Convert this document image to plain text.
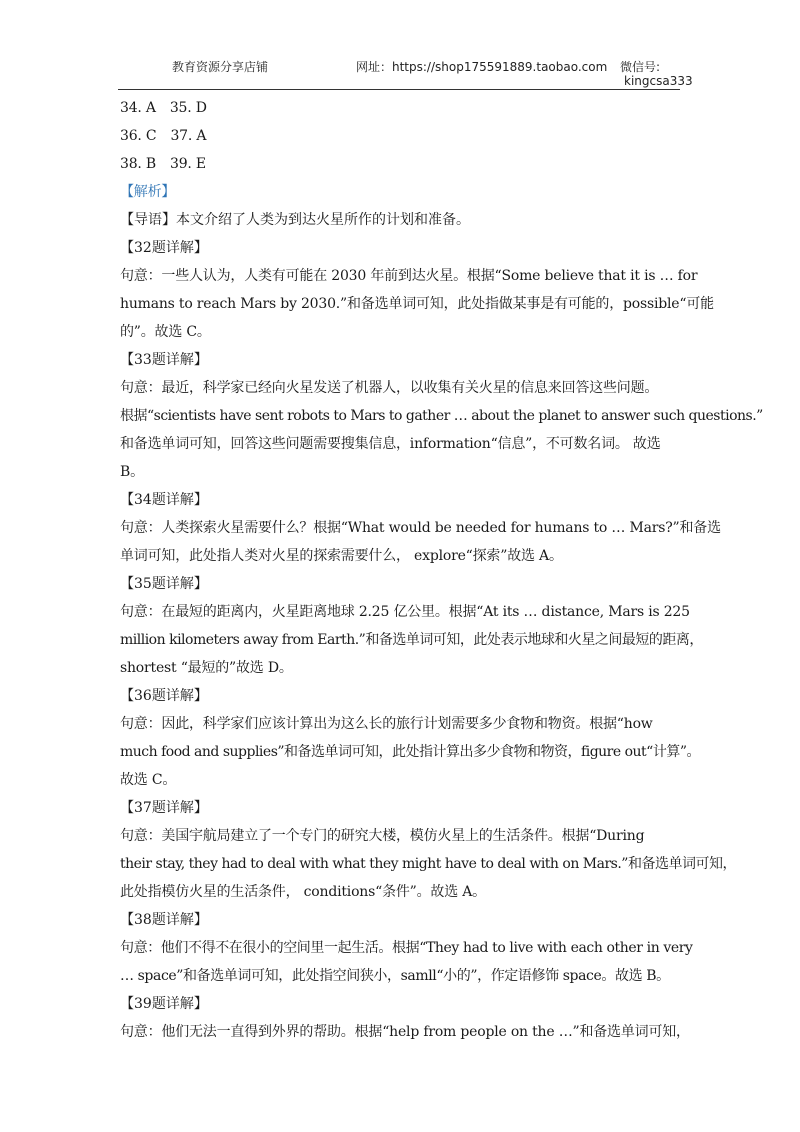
教育资源分享店铺	网址：https://shop175591889.taobao.com 微信号:
kingcsa333
34. A 35. D
36. C 37. A
38. B 39. E
【解析】
【导语】本文介绍了人类为到达火星所作的计划和准备。
【32题详解】
句意：一些人认为，人类有可能在 2030 年前到达火星。根据“Some believe that it is … for
humans to reach Mars by 2030.”和备选单词可知，此处指做某事是有可能的，possible“可能
的”。故选 C。
【33题详解】
句意：最近，科学家已经向火星发送了机器人，以收集有关火星的信息来回答这些问题。
根据“scientists have sent robots to Mars to gather … about the planet to answer such questions.”
和备选单词可知，回答这些问题需要搜集信息，information“信息”，不可数名词。 故选
B。
【34题详解】
句意：人类探索火星需要什么？根据“What would be needed for humans to … Mars?”和备选
单词可知，此处指人类对火星的探索需要什么， explore“探索”故选 A。
【35题详解】
句意：在最短的距离内，火星距离地球 2.25 亿公里。根据“At its … distance, Mars is 225
million kilometers away from Earth.”和备选单词可知，此处表示地球和火星之间最短的距离，
shortest “最短的”故选 D。
【36题详解】
句意：因此，科学家们应该计算出为这么长的旅行计划需要多少食物和物资。根据“how
much food and supplies”和备选单词可知，此处指计算出多少食物和物资，figure out“计算”。
故选 C。
【37题详解】
句意：美国宇航局建立了一个专门的研究大楼，模仿火星上的生活条件。根据“During
their stay, they had to deal with what they might have to deal with on Mars.”和备选单词可知，
此处指模仿火星的生活条件， conditions“条件”。故选 A。
【38题详解】
句意：他们不得不在很小的空间里一起生活。根据“They had to live with each other in very
… space”和备选单词可知，此处指空间狭小，samll“小的”，作定语修饰 space。故选 B。
【39题详解】
句意：他们无法一直得到外界的帮助。根据“help from people on the …”和备选单词可知，
